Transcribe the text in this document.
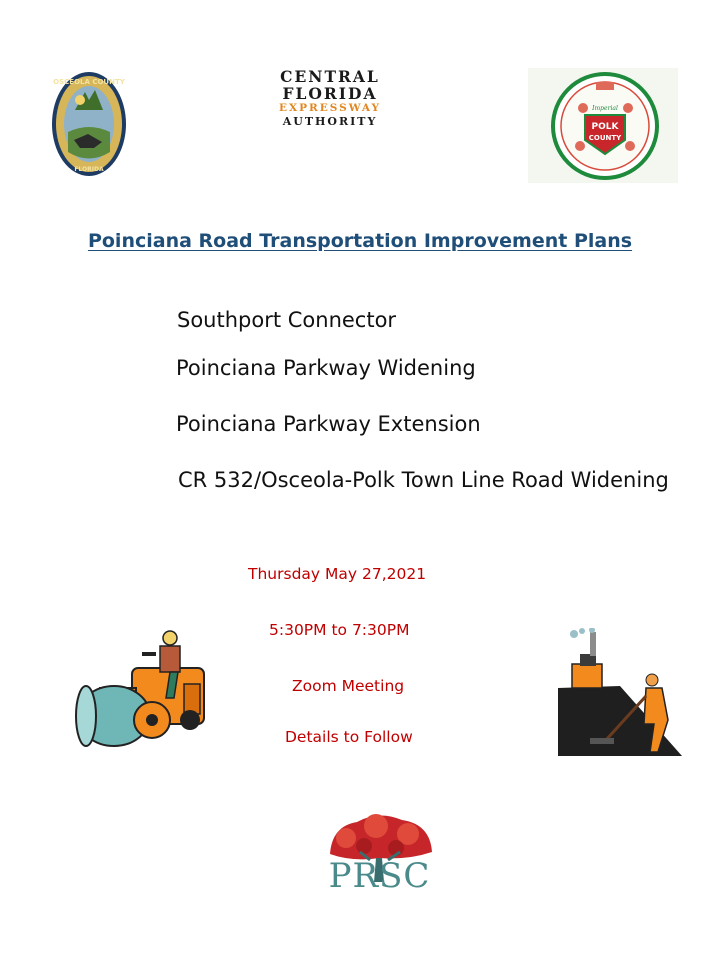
OSCEOLA COUNTY
FLORIDA
CENTRAL
FLORIDA
EXPRESSWAY
AUTHORITY
Imperial
POLK
COUNTY
Poinciana Road Transportation Improvement Plans
Southport Connector
Poinciana Parkway Widening
Poinciana Parkway Extension
CR 532/Osceola-Polk Town Line Road Widening
Thursday May 27,2021
5:30PM to 7:30PM
Zoom Meeting
Details to Follow
PRSC
